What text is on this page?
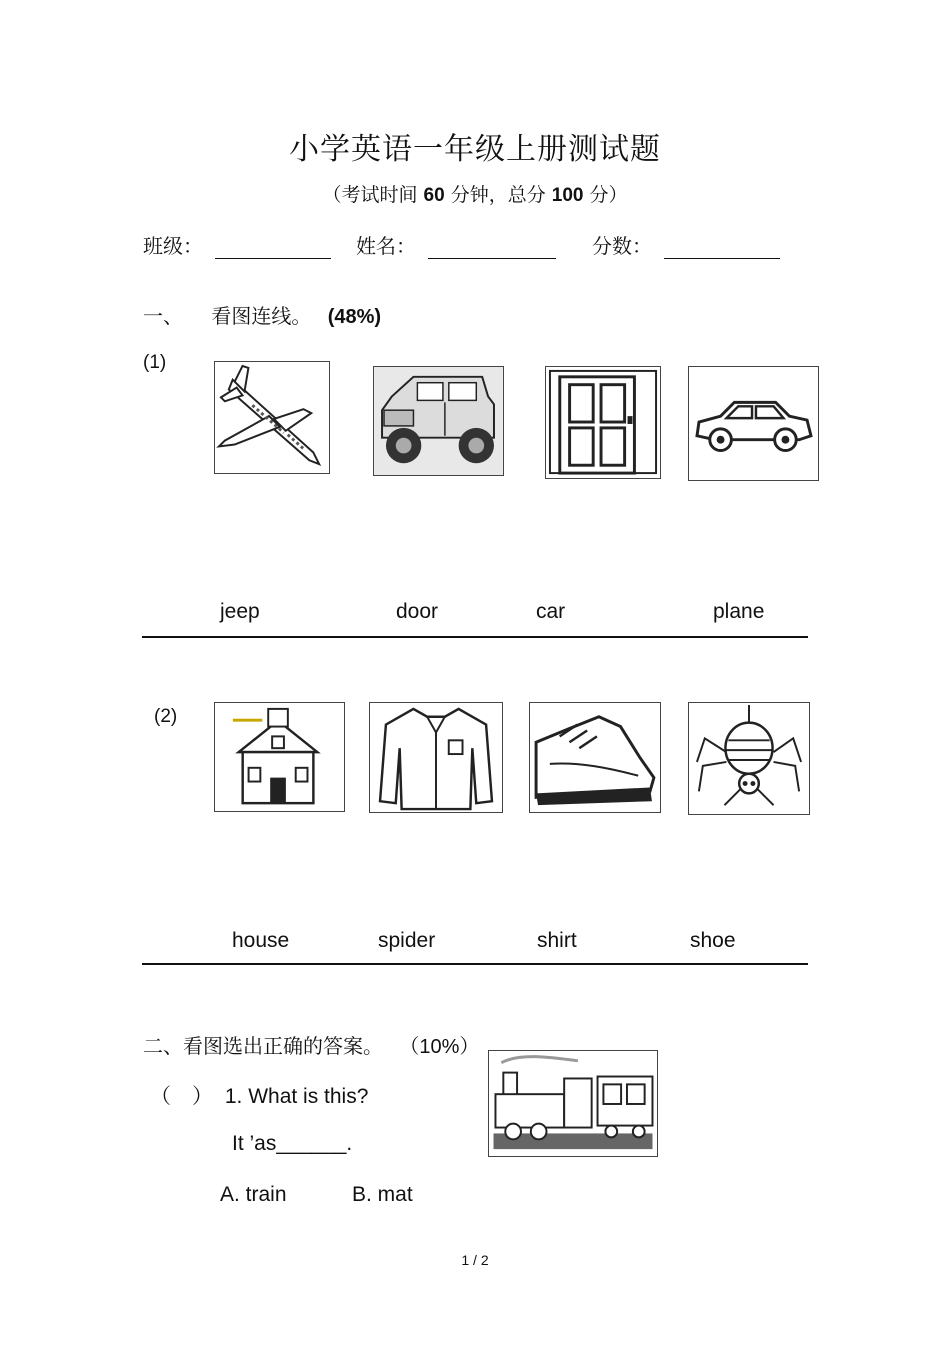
小学英语一年级上册测试题
（考试时间 60 分钟，总分 100 分）
班级：	姓名：	分数：
一、 看图连线。 (48%)
(1)
jeep	door	car	plane
(2)
house	spider	shirt	shoe
二、看图选出正确的答案。 （10%）
（　） 1. What is this?
It ’as______.
A. train	B. mat
1 / 2
